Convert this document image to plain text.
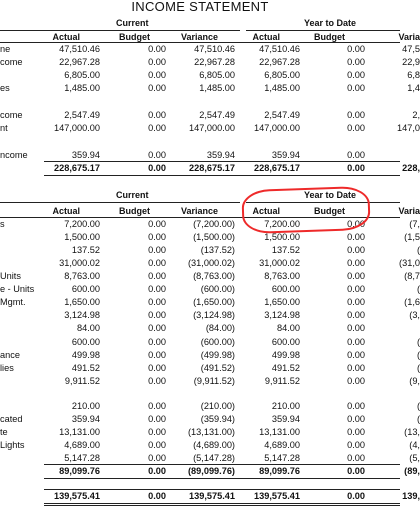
INCOME STATEMENT
Current	Year to Date
Actual	Budget	Variance	Actual	Budget	Varia
ne	47,510.46	0.00	47,510.46	47,510.46	0.00	47,5
come	22,967.28	0.00	22,967.28	22,967.28	0.00	22,9
6,805.00	0.00	6,805.00	6,805.00	0.00	6,8
es	1,485.00	0.00	1,485.00	1,485.00	0.00	1,4
come	2,547.49	0.00	2,547.49	2,547.49	0.00	2,
nt	147,000.00	0.00	147,000.00	147,000.00	0.00	147,0
ncome	359.94	0.00	359.94	359.94	0.00
228,675.17	0.00	228,675.17	228,675.17	0.00	228,
Current	Year to Date
Actual	Budget	Variance	Actual	Budget	Varia
s	7,200.00	0.00	(7,200.00)	7,200.00	0.00	(7,
1,500.00	0.00	(1,500.00)	1,500.00	0.00	(1,5
137.52	0.00	(137.52)	137.52	0.00	(
31,000.02	0.00	(31,000.02)	31,000.02	0.00	(31,0
Units	8,763.00	0.00	(8,763.00)	8,763.00	0.00	(8,7
e - Units	600.00	0.00	(600.00)	600.00	0.00	(
Mgmt.	1,650.00	0.00	(1,650.00)	1,650.00	0.00	(1,6
3,124.98	0.00	(3,124.98)	3,124.98	0.00	(3,
84.00	0.00	(84.00)	84.00	0.00
600.00	0.00	(600.00)	600.00	0.00	(
ance	499.98	0.00	(499.98)	499.98	0.00	(
lies	491.52	0.00	(491.52)	491.52	0.00	(
9,911.52	0.00	(9,911.52)	9,911.52	0.00	(9,
210.00	0.00	(210.00)	210.00	0.00	(
cated	359.94	0.00	(359.94)	359.94	0.00	(
te	13,131.00	0.00	(13,131.00)	13,131.00	0.00	(13,
Lights	4,689.00	0.00	(4,689.00)	4,689.00	0.00	(4,
5,147.28	0.00	(5,147.28)	5,147.28	0.00	(5,
89,099.76	0.00	(89,099.76)	89,099.76	0.00	(89,
139,575.41	0.00	139,575.41	139,575.41	0.00	139,
